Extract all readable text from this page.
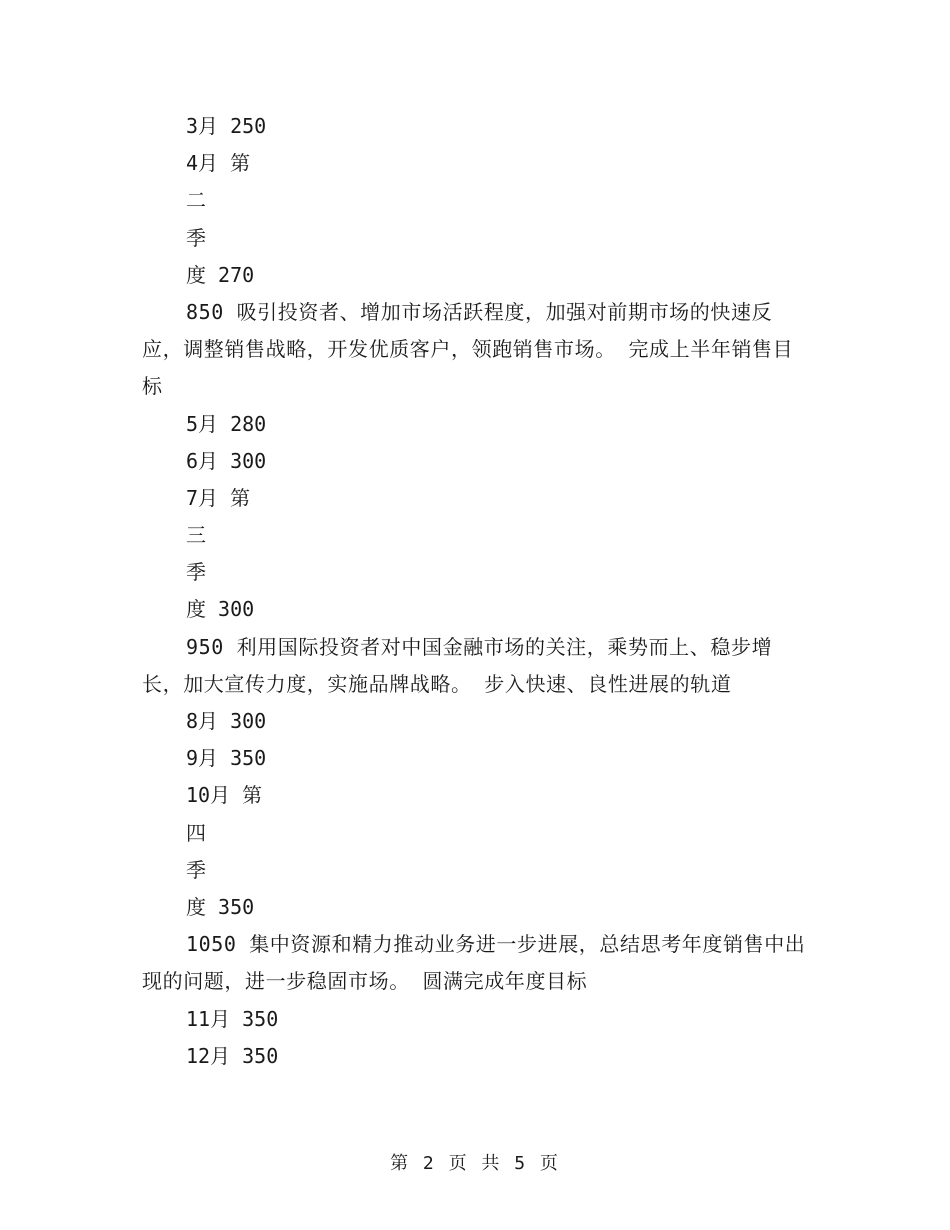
3月 250
4月 第
二
季
度 270

850 吸引投资者、增加市场活跃程度，加强对前期市场的快速反应，调整销售战略，开发优质客户，领跑销售市场。 完成上半年销售目标

5月 280
6月 300
7月 第
三
季
度 300

950 利用国际投资者对中国金融市场的关注，乘势而上、稳步增长，加大宣传力度，实施品牌战略。 步入快速、良性进展的轨道

8月 300
9月 350
10月 第
四
季
度 350

1050 集中资源和精力推动业务进一步进展，总结思考年度销售中出现的问题，进一步稳固市场。 圆满完成年度目标

11月 350
12月 350
第 2 页 共 5 页
